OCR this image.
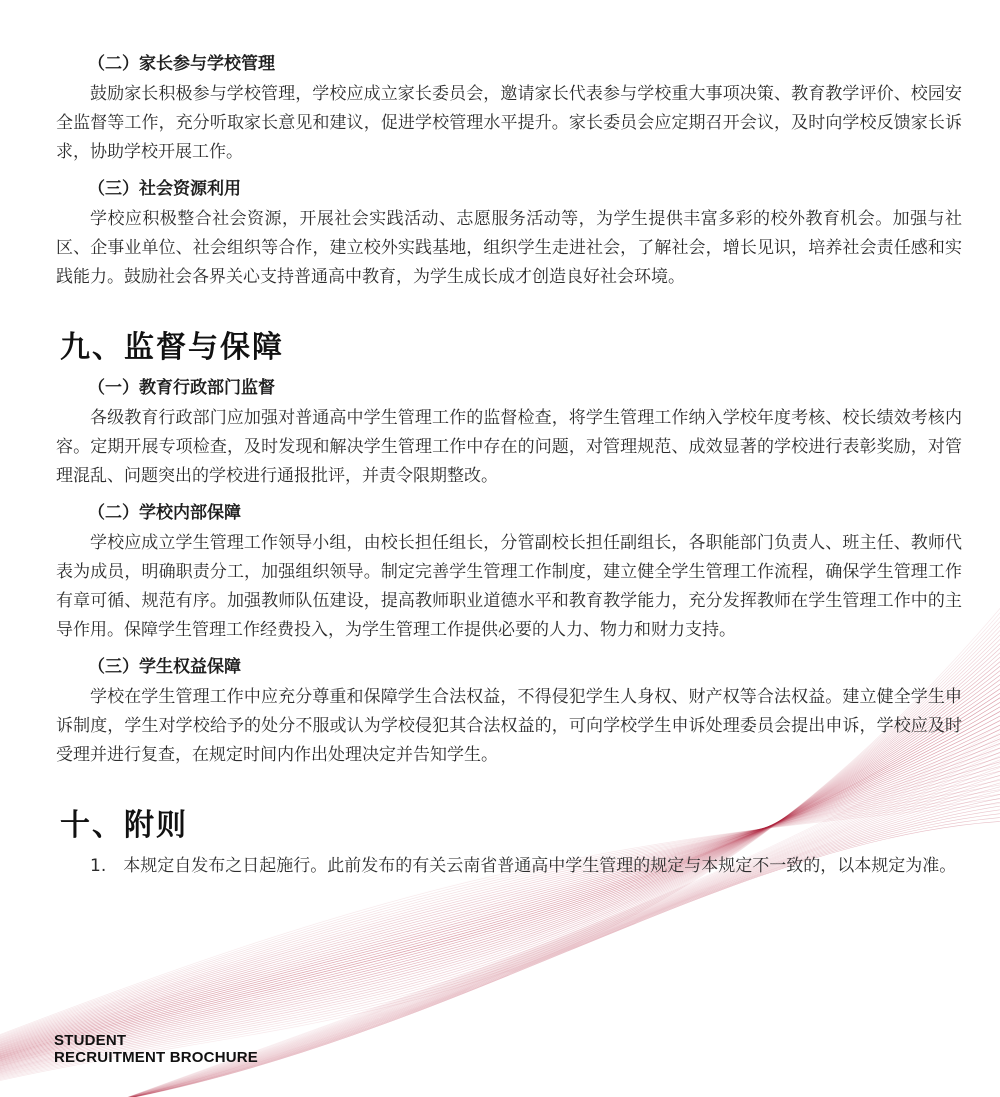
（二）家长参与学校管理

鼓励家长积极参与学校管理，学校应成立家长委员会，邀请家长代表参与学校重大事项决策、教育教学评价、校园安全监督等工作，充分听取家长意见和建议，促进学校管理水平提升。家长委员会应定期召开会议，及时向学校反馈家长诉求，协助学校开展工作。

（三）社会资源利用

学校应积极整合社会资源，开展社会实践活动、志愿服务活动等，为学生提供丰富多彩的校外教育机会。加强与社区、企事业单位、社会组织等合作，建立校外实践基地，组织学生走进社会，了解社会，增长见识，培养社会责任感和实践能力。鼓励社会各界关心支持普通高中教育，为学生成长成才创造良好社会环境。

九、监督与保障
（一）教育行政部门监督

各级教育行政部门应加强对普通高中学生管理工作的监督检查，将学生管理工作纳入学校年度考核、校长绩效考核内容。定期开展专项检查，及时发现和解决学生管理工作中存在的问题，对管理规范、成效显著的学校进行表彰奖励，对管理混乱、问题突出的学校进行通报批评，并责令限期整改。

（二）学校内部保障

学校应成立学生管理工作领导小组，由校长担任组长，分管副校长担任副组长，各职能部门负责人、班主任、教师代表为成员，明确职责分工，加强组织领导。制定完善学生管理工作制度，建立健全学生管理工作流程，确保学生管理工作有章可循、规范有序。加强教师队伍建设，提高教师职业道德水平和教育教学能力，充分发挥教师在学生管理工作中的主导作用。保障学生管理工作经费投入，为学生管理工作提供必要的人力、物力和财力支持。

（三）学生权益保障

学校在学生管理工作中应充分尊重和保障学生合法权益，不得侵犯学生人身权、财产权等合法权益。建立健全学生申诉制度，学生对学校给予的处分不服或认为学校侵犯其合法权益的，可向学校学生申诉处理委员会提出申诉，学校应及时受理并进行复查，在规定时间内作出处理决定并告知学生。

十、附则

1.　本规定自发布之日起施行。此前发布的有关云南省普通高中学生管理的规定与本规定不一致的，以本规定为准。

STUDENT
RECRUITMENT BROCHURE
